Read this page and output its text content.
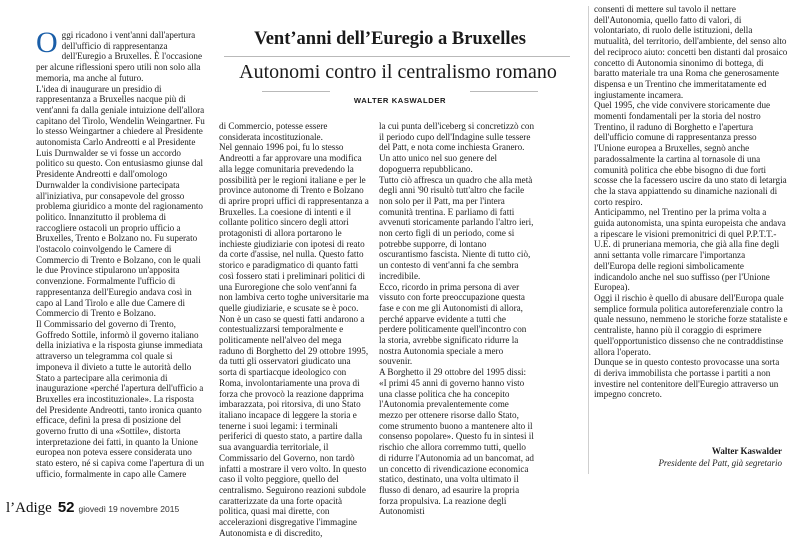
O ggi ricadono i vent'anni dall'apertura dell'ufficio di rappresentanza dell'Euregio a Bruxelles. È l'occasione per alcune riflessioni spero utili non solo alla memoria, ma anche al futuro.

L'idea di inaugurare un presidio di rappresentanza a Bruxelles nacque più di vent'anni fa dalla geniale intuizione dell'allora capitano del Tirolo, Wendelin Weingartner. Fu lo stesso Weingartner a chiedere al Presidente autonomista Carlo Andreotti e al Presidente Luis Durnwalder se vi fosse un accordo politico su questo. Con entusiasmo giunse dal Presidente Andreotti e dall'omologo Durnwalder la condivisione partecipata all'iniziativa, pur consapevole del grosso problema giuridico a monte del ragionamento politico. Innanzitutto il problema di raccogliere ostacoli un proprio ufficio a Bruxelles, Trento e Bolzano no. Fu superato l'ostacolo coinvolgendo le Camere di Commercio di Trento e Bolzano, con le quali le due Province stipularono un'apposita convenzione. Formalmente l'ufficio di rappresentanza dell'Euregio andava così in capo al Land Tirolo e alle due Camere di Commercio di Trento e Bolzano.

Il Commissario del governo di Trento, Goffredo Sottile, informò il governo italiano della iniziativa e la risposta giunse immediata attraverso un telegramma col quale si imponeva il divieto a tutte le autorità dello Stato a partecipare alla cerimonia di inaugurazione «perché l'apertura dell'ufficio a Bruxelles era incostituzionale». La risposta del Presidente Andreotti, tanto ironica quanto efficace, definì la presa di posizione del governo frutto di una «Sottile», distorta interpretazione dei fatti, in quanto la Unione europea non poteva essere considerata uno stato estero, né si capiva come l'apertura di un ufficio, formalmente in capo alle Camere

Vent’anni dell’Euregio a Bruxelles
Autonomi contro il centralismo romano
WALTER KASWALDER

di Commercio, potesse essere considerata incostituzionale.

Nel gennaio 1996 poi, fu lo stesso Andreotti a far approvare una modifica alla legge comunitaria prevedendo la possibilità per le regioni italiane e per le province autonome di Trento e Bolzano di aprire propri uffici di rappresentanza a Bruxelles. La coesione di intenti e il collante politico sincero degli attori protagonisti di allora portarono le inchieste giudiziarie con ipotesi di reato da corte d'assise, nel nulla. Questo fatto storico e paradigmatico di quanto fatti così fossero stati i preliminari politici di una Euroregione che solo vent'anni fa non lambiva certo toghe universitarie ma quelle giudiziarie, e scusate se è poco. Non è un caso se questi fatti andarono a contestualizzarsi temporalmente e politicamente nell'alveo del mega raduno di Borghetto del 29 ottobre 1995, da tutti gli osservatori giudicato una sorta di spartiacque ideologico con Roma, involontariamente una prova di forza che provocò la reazione dapprima imbarazzata, poi ritorsiva, di uno Stato italiano incapace di leggere la storia e tenerne i suoi legami: i terminali periferici di questo stato, a partire dalla sua avanguardia territoriale, il Commissario del Governo, non tardò infatti a mostrare il vero volto. In questo caso il volto peggiore, quello del centralismo. Seguirono reazioni subdole caratterizzate da una forte opacità politica, quasi mai dirette, con accelerazioni disgregative l'immagine Autonomista e di discredito,

la cui punta dell'iceberg si concretizzò con il periodo cupo dell'Indagine sulle tessere del Patt, e nota come inchiesta Granero.

Un atto unico nel suo genere del dopoguerra repubblicano.

Tutto ciò affresca un quadro che alla metà degli anni '90 risultò tutt'altro che facile non solo per il Patt, ma per l'intera comunità trentina. E parliamo di fatti avvenuti storicamente parlando l'altro ieri, non certo figli di un periodo, come si potrebbe supporre, di lontano oscurantismo fascista. Niente di tutto ciò, un contesto di vent'anni fa che sembra incredibile.

Ecco, ricordo in prima persona di aver vissuto con forte preoccupazione questa fase e con me gli Autonomisti di allora, perché apparve evidente a tutti che perdere politicamente quell'incontro con la storia, avrebbe significato ridurre la nostra Autonomia speciale a mero souvenir.

A Borghetto il 29 ottobre del 1995 dissi: «I primi 45 anni di governo hanno visto una classe politica che ha concepito l'Autonomia prevalentemente come mezzo per ottenere risorse dallo Stato, come strumento buono a mantenere alto il consenso popolare». Questo fu in sintesi il rischio che allora corremmo tutti, quello di ridurre l'Autonomia ad un bancomat, ad un concetto di rivendicazione economica statico, destinato, una volta ultimato il flusso di denaro, ad esaurire la propria forza propulsiva. La reazione degli Autonomisti

consenti di mettere sul tavolo il nettare dell'Autonomia, quello fatto di valori, di volontariato, di ruolo delle istituzioni, della mutualità, del territorio, dell'ambiente, del senso alto del reciproco aiuto: concetti ben distanti dal prosaico concetto di Autonomia sinonimo di bottega, di baratto materiale tra una Roma che generosamente dispensa e un Trentino che immeritatamente ed ingiustamente incamera.

Quel 1995, che vide convivere storicamente due momenti fondamentali per la storia del nostro Trentino, il raduno di Borghetto e l'apertura dell'ufficio comune di rappresentanza presso l'Unione europea a Bruxelles, segnò anche paradossalmente la cartina al tornasole di una comunità politica che ebbe bisogno di due forti scosse che la facessero uscire da uno stato di letargia che la stava appiattendo su dinamiche nazionali di corto respiro.

Anticipammo, nel Trentino per la prima volta a guida autonomista, una spinta europeista che andava a ripescare le visioni premonitrici di quel P.P.T.T.- U.E. di pruneriana memoria, che già alla fine degli anni settanta volle rimarcare l'importanza dell'Europa delle regioni simbolicamente indicandolo anche nel suo suffisso (per l'Unione Europea).

Oggi il rischio è quello di abusare dell'Europa quale semplice formula politica autoreferenziale contro la quale nessuno, nemmeno le storiche forze statalistе e centraliste, hanno più il coraggio di esprimere quell'opportunistico dissenso che ne contraddistinse allora l'operato.

Dunque se in questo contesto provocasse una sorta di deriva immobilista che portasse i partiti a non investire nel contenitore dell'Euregio attraverso un impegno concreto.

Walter Kaswalder
Presidente del Patt, già segretario
l’Adige 52 giovedì 19 novembre 2015
